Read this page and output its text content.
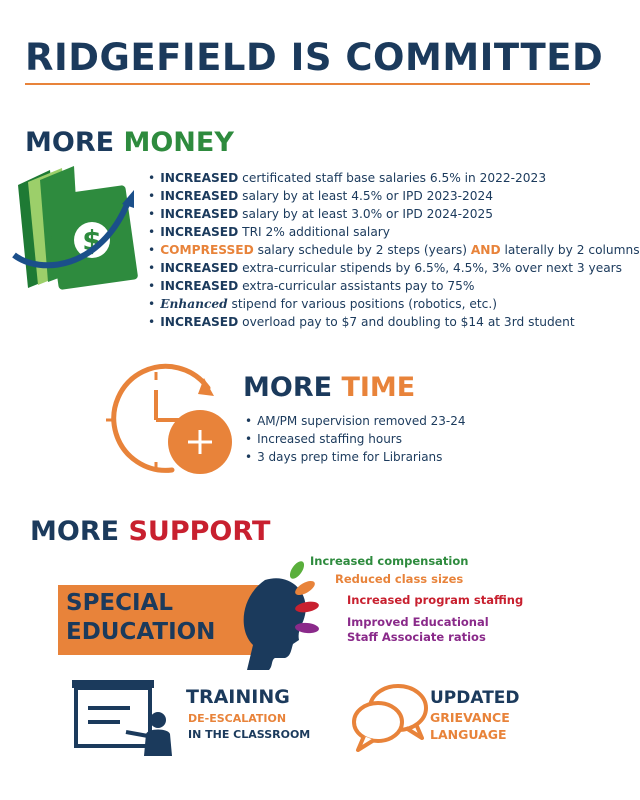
RIDGEFIELD IS COMMITTED
MORE MONEY
$
• INCREASED certificated staff base salaries 6.5% in 2022-2023
• INCREASED salary by at least 4.5% or IPD 2023-2024
• INCREASED salary by at least 3.0% or IPD 2024-2025
• INCREASED TRI 2% additional salary
• COMPRESSED salary schedule by 2 steps (years) AND laterally by 2 columns
• INCREASED extra-curricular stipends by 6.5%, 4.5%, 3% over next 3 years
• INCREASED extra-curricular assistants pay to 75%
• Enhanced stipend for various positions (robotics, etc.)
• INCREASED overload pay to $7 and doubling to $14 at 3rd student
MORE TIME
• AM/PM supervision removed 23-24
• Increased staffing hours
• 3 days prep time for Librarians
MORE SUPPORT
SPECIAL
EDUCATION
Increased compensation
Reduced class sizes
Increased program staffing
Improved Educational
Staff Associate ratios
TRAINING
DE-ESCALATION
IN THE CLASSROOM
UPDATED
GRIEVANCE
LANGUAGE
